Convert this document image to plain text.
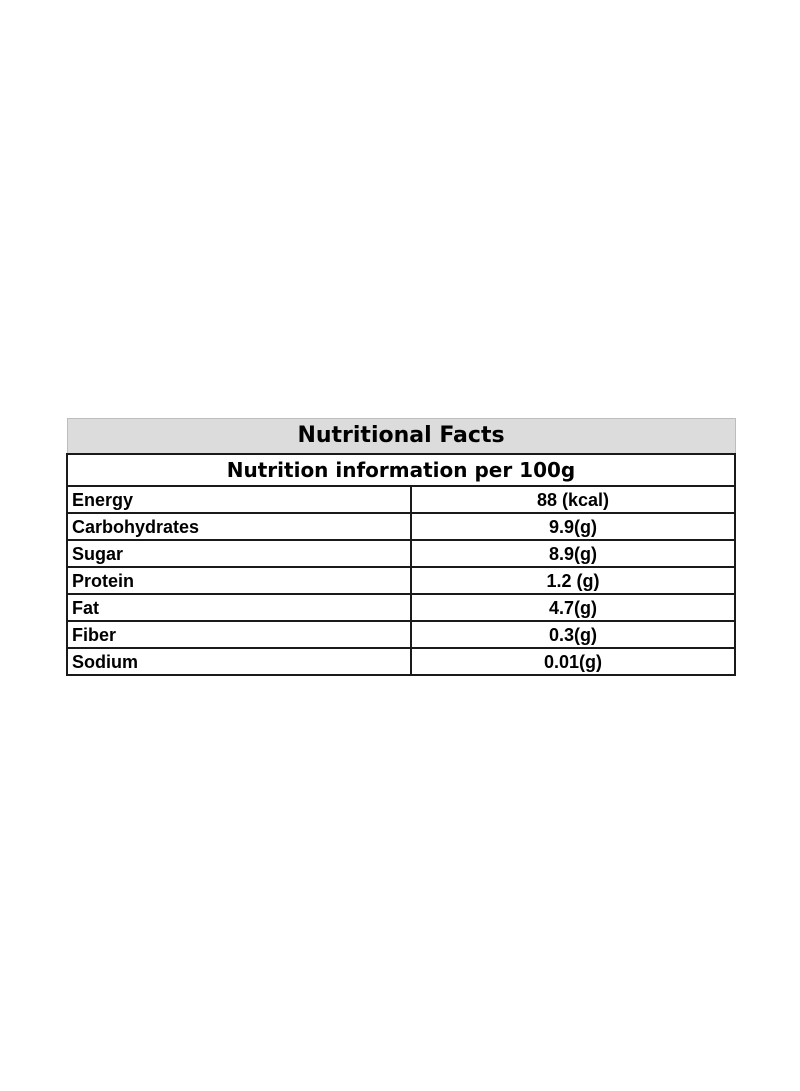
Nutritional Facts	
Nutrition information per 100g	
Energy	88 (kcal)
Carbohydrates	9.9(g)
Sugar	8.9(g)
Protein	1.2 (g)
Fat	4.7(g)
Fiber	0.3(g)
Sodium	0.01(g)
